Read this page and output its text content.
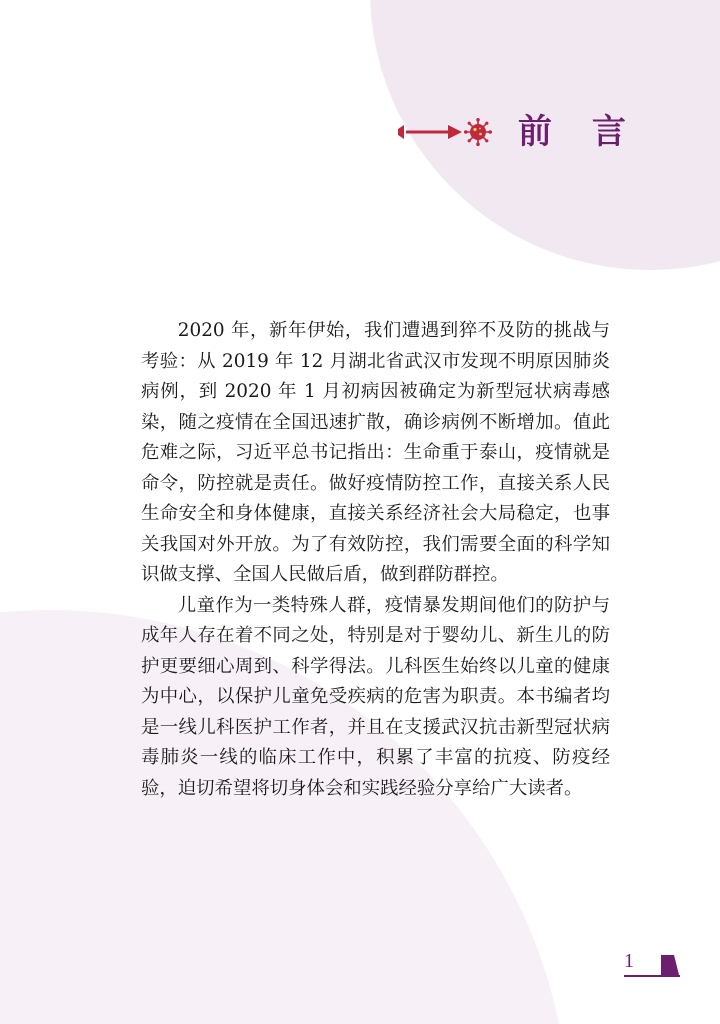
前 言

2020 年，新年伊始，我们遭遇到猝不及防的挑战与考验：从 2019 年 12 月湖北省武汉市发现不明原因肺炎病例，到 2020 年 1 月初病因被确定为新型冠状病毒感染，随之疫情在全国迅速扩散，确诊病例不断增加。值此危难之际，习近平总书记指出：生命重于泰山，疫情就是命令，防控就是责任。做好疫情防控工作，直接关系人民生命安全和身体健康，直接关系经济社会大局稳定，也事关我国对外开放。为了有效防控，我们需要全面的科学知识做支撑、全国人民做后盾，做到群防群控。

儿童作为一类特殊人群，疫情暴发期间他们的防护与成年人存在着不同之处，特别是对于婴幼儿、新生儿的防护更要细心周到、科学得法。儿科医生始终以儿童的健康为中心，以保护儿童免受疾病的危害为职责。本书编者均是一线儿科医护工作者，并且在支援武汉抗击新型冠状病毒肺炎一线的临床工作中，积累了丰富的抗疫、防疫经验，迫切希望将切身体会和实践经验分享给广大读者。

1
